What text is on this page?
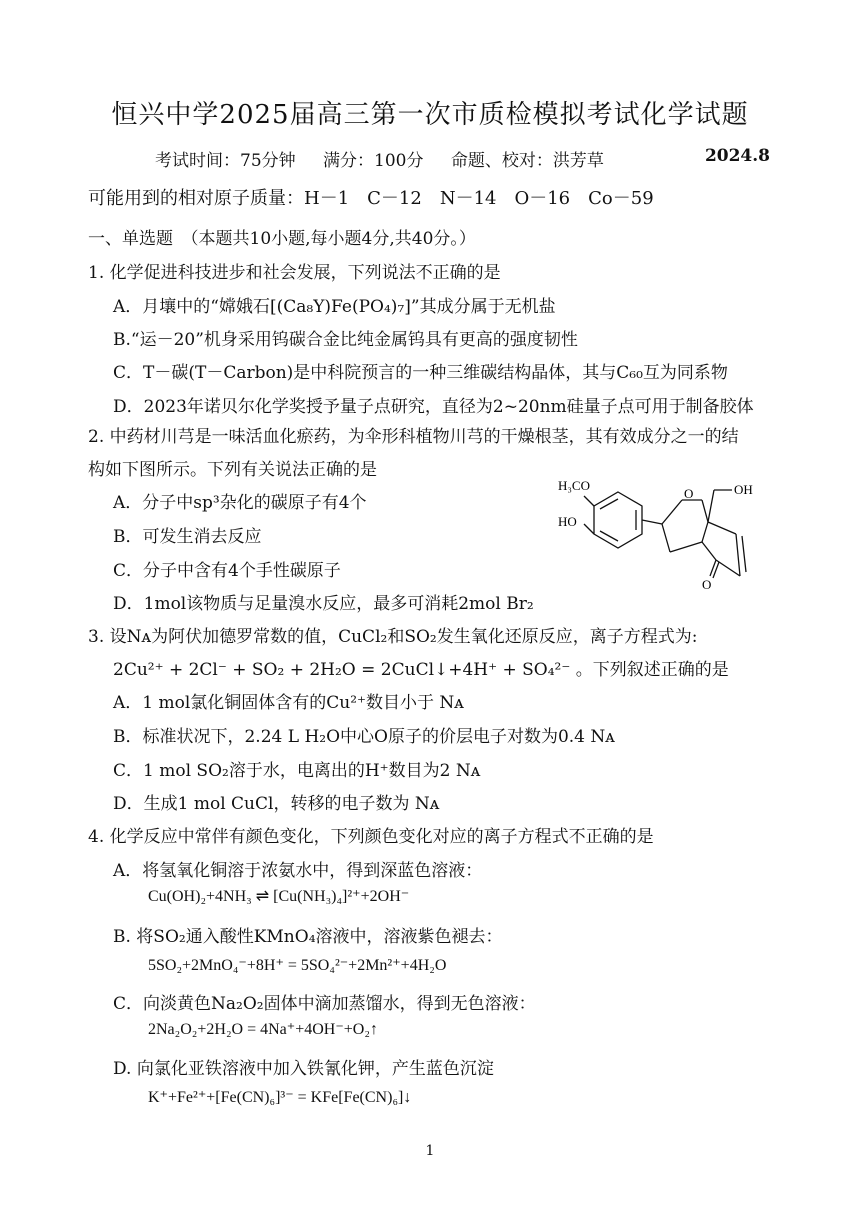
恒兴中学2025届高三第一次市质检模拟考试化学试题
考试时间：75分钟 满分：100分 命题、校对：洪芳草	2024.8
可能用到的相对原子质量：H－1　C－12　N－14　O－16　Co－59
一、单选题　（本题共10小题,每小题4分,共40分。）
1. 化学促进科技进步和社会发展，下列说法不正确的是
A．月壤中的“嫦娥石[(Ca₈Y)Fe(PO₄)₇]”其成分属于无机盐
B.“运－20”机身采用钨碳合金比纯金属钨具有更高的强度韧性
C．T－碳(T－Carbon)是中科院预言的一种三维碳结构晶体，其与C₆₀互为同系物
D．2023年诺贝尔化学奖授予量子点研究，直径为2~20nm硅量子点可用于制备胶体
2. 中药材川芎是一味活血化瘀药，为伞形科植物川芎的干燥根茎，其有效成分之一的结
构如下图所示。下列有关说法正确的是
A．分子中sp³杂化的碳原子有4个
B．可发生消去反应
C．分子中含有4个手性碳原子
D．1mol该物质与足量溴水反应，最多可消耗2mol Br₂
H₃CO
HO
O	OH
O
3. 设Nᴀ为阿伏加德罗常数的值，CuCl₂和SO₂发生氧化还原反应，离子方程式为:
2Cu²⁺ + 2Cl⁻ + SO₂ + 2H₂O = 2CuCl↓+4H⁺ + SO₄²⁻ 。下列叙述正确的是
A．1 mol氯化铜固体含有的Cu²⁺数目小于 Nᴀ
B．标准状况下，2.24 L H₂O中心O原子的价层电子对数为0.4 Nᴀ
C．1 mol SO₂溶于水，电离出的H⁺数目为2 Nᴀ
D．生成1 mol CuCl，转移的电子数为 Nᴀ
4. 化学反应中常伴有颜色变化，下列颜色变化对应的离子方程式不正确的是
A．将氢氧化铜溶于浓氨水中，得到深蓝色溶液：
Cu(OH)₂+4NH₃ ⇌ [Cu(NH₃)₄]²⁺+2OH⁻
B. 将SO₂通入酸性KMnO₄溶液中，溶液紫色褪去：
5SO₂+2MnO₄⁻+8H⁺ = 5SO₄²⁻+2Mn²⁺+4H₂O
C．向淡黄色Na₂O₂固体中滴加蒸馏水，得到无色溶液：
2Na₂O₂+2H₂O = 4Na⁺+4OH⁻+O₂↑
D. 向氯化亚铁溶液中加入铁氰化钾，产生蓝色沉淀
K⁺+Fe²⁺+[Fe(CN)₆]³⁻ = KFe[Fe(CN)₆]↓
1
